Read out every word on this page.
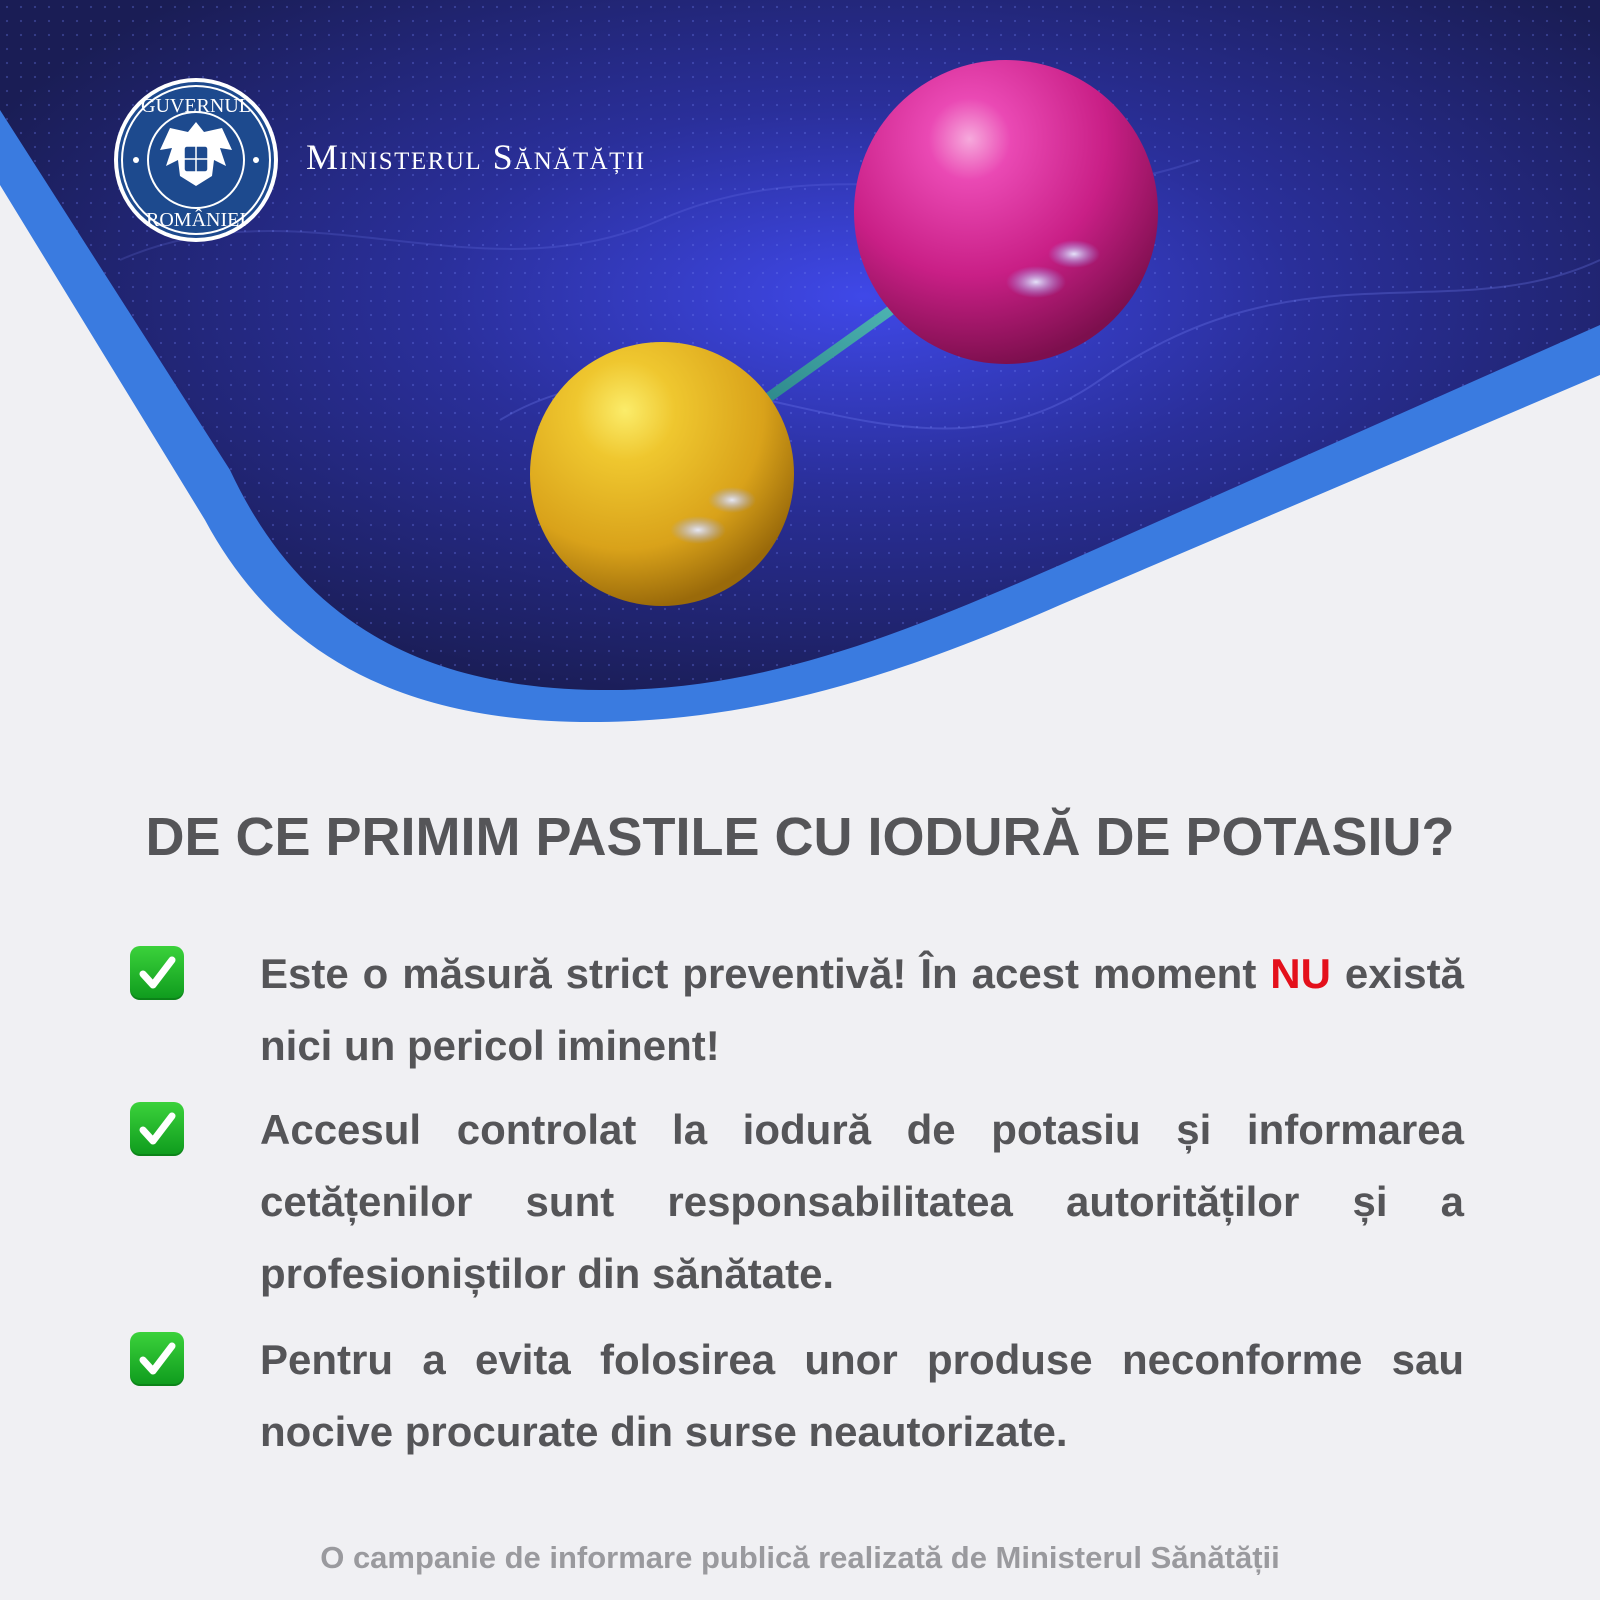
GUVERNUL
ROMÂNIEI
Ministerul Sănătății
DE CE PRIMIM PASTILE CU IODURĂ DE POTASIU?
Este o măsură strict preventivă! În acest moment NU există nici un pericol iminent!
Accesul controlat la iodură de potasiu și informarea cetățenilor sunt responsabilitatea autorităților și a profesioniștilor din sănătate.
Pentru a evita folosirea unor produse neconforme sau nocive procurate din surse neautorizate.
O campanie de informare publică realizată de Ministerul Sănătății
